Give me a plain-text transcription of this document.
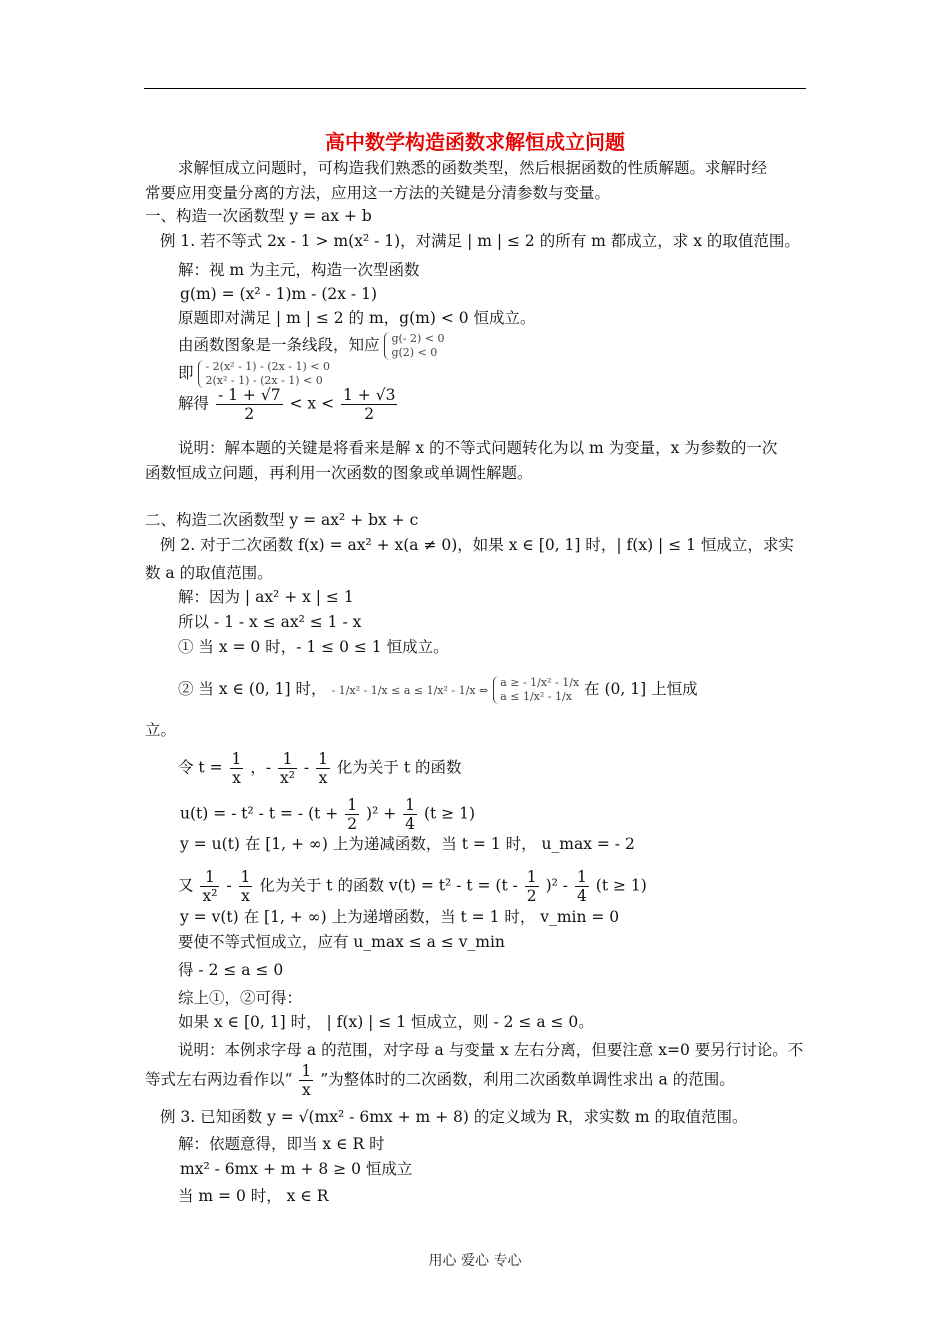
高中数学构造函数求解恒成立问题
求解恒成立问题时，可构造我们熟悉的函数类型，然后根据函数的性质解题。求解时经
常要应用变量分离的方法，应用这一方法的关键是分清参数与变量。
一、构造一次函数型 y = ax + b
例 1. 若不等式 2x - 1 > m(x² - 1)，对满足 | m | ≤ 2 的所有 m 都成立，求 x 的取值范围。
解：视 m 为主元，构造一次型函数
g(m) = (x² - 1)m - (2x - 1)
原题即对满足 | m | ≤ 2 的 m，g(m) < 0 恒成立。
由函数图象是一条线段，知应 g(- 2) < 0
g(2) < 0
即 - 2(x² - 1) - (2x - 1) < 0
2(x² - 1) - (2x - 1) < 0
解得 $\frac{- 1 + √7}{2} < x < \frac{1 + √3}{2}$
说明：解本题的关键是将看来是解 x 的不等式问题转化为以 m 为变量，x 为参数的一次
函数恒成立问题，再利用一次函数的图象或单调性解题。
二、构造二次函数型 y = ax² + bx + c
例 2. 对于二次函数 f(x) = ax² + x(a ≠ 0)，如果 x ∈ [0, 1] 时，| f(x) | ≤ 1 恒成立，求实
数 a 的取值范围。
解：因为 | ax² + x | ≤ 1
所以 - 1 - x ≤ ax² ≤ 1 - x
① 当 x = 0 时，- 1 ≤ 0 ≤ 1 恒成立。
② 当 x ∈ (0, 1] 时， - 1/x² - 1/x ≤ a ≤ 1/x² - 1/x ⇔
a ≥ - 1/x² - 1/x
a ≤ 1/x² - 1/x 在 (0, 1] 上恒成
立。
令 $t = \frac{1}{x}$ ，- $\frac{1}{\text{x²}} - \frac{1}{x}$ 化为关于 t 的函数
u(t) = - t² - t = - $(t + \frac{1}{2} )^2 + \frac{1}{4} (t \ge 1)$
y = u(t) 在 [1, + ∞) 上为递减函数，当 t = 1 时， u_max = - 2
又 $\frac{1}{\text{x²}} - \frac{1}{x}$ 化为关于 t 的函数 $v(t) = t^2 - t = (t - \frac{1}{2} )^2 - \frac{1}{4} (t \ge 1)$
y = v(t) 在 [1, + ∞) 上为递增函数，当 t = 1 时， v_min = 0
要使不等式恒成立，应有 u_max ≤ a ≤ v_min
得 - 2 ≤ a ≤ 0
综上①，②可得：
如果 x ∈ [0, 1] 时， | f(x) | ≤ 1 恒成立，则 - 2 ≤ a ≤ 0。
说明：本例求字母 a 的范围，对字母 a 与变量 x 左右分离，但要注意 x=0 要另行讨论。不
等式左右两边看作以“ $\frac{1}{x}$ ”为整体时的二次函数，利用二次函数单调性求出 a 的范围。
例 3. 已知函数 y = √(mx² - 6mx + m + 8) 的定义域为 R，求实数 m 的取值范围。
解：依题意得，即当 x ∈ R 时
mx² - 6mx + m + 8 ≥ 0 恒成立
当 m = 0 时， x ∈ R
用心 爱心 专心
